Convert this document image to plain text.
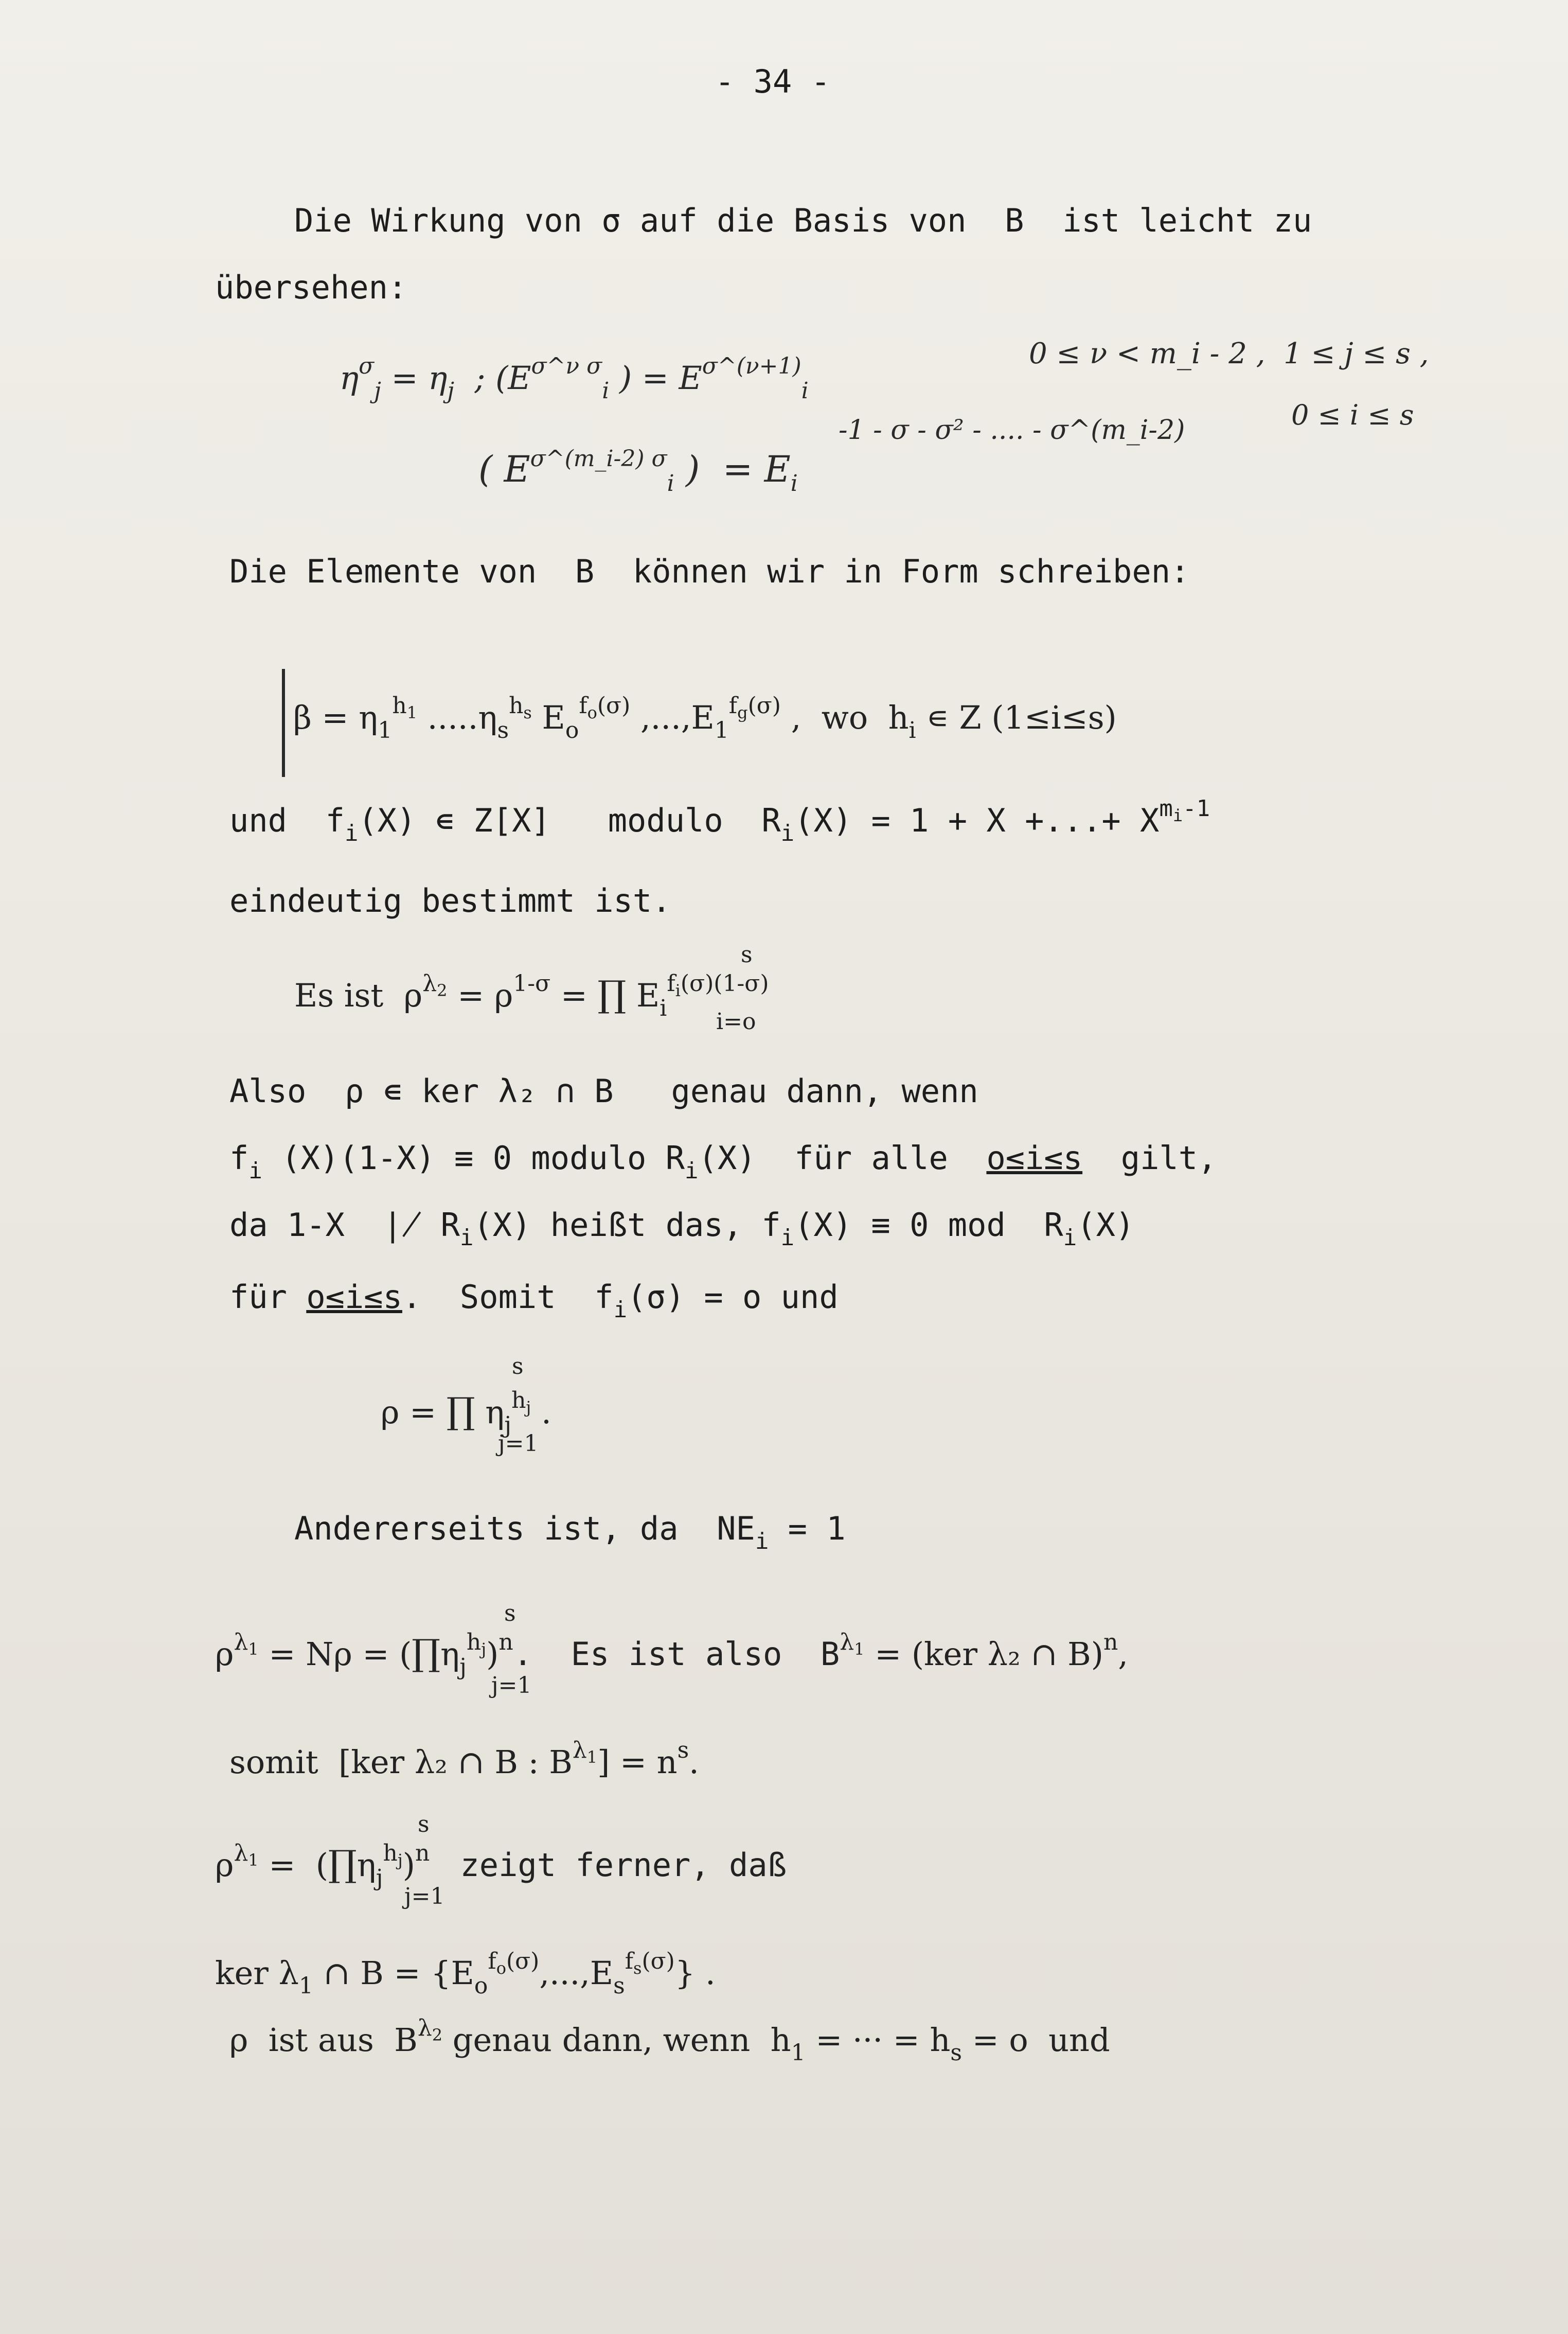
- 34 -
Die Wirkung von σ auf die Basis von  B  ist leicht zu
übersehen:
$\eta^\sigma_j = \eta_j$ ; ($E^{\sigma\^{}\nu \sigma}_i$ ) = $E^{\sigma\^{}(\nu+1)}_i$
0 ≤ ν < m_i - 2 ,  1 ≤ j ≤ s ,
0 ≤ i ≤ s
( $E^{\sigma\^{}(m\_i-2) \sigma}_i$ )  = $E_i$
-1 - σ - σ² - .... - σ^(m_i-2)
Die Elemente von  B  können wir in Form schreiben:
$\beta = \eta_1^{h_1}$ $.....\eta_s^{h_s}$ $E_o^{f_o(\sigma)}$ $,...,E_1^{f_g(\sigma)}$ ,  wo $h_i$ ∊ Z (1≤i≤s)
und  $f_i(X)$ ∊ Z[X]   modulo  $R_i(X) = 1 + X$ +...+ $X^{m_i-1}$
eindeutig bestimmt ist.
Es ist  $\rho^{\lambda_2} = \rho^{1-\sigma}$ = ∏ $E_i^{f_i(\sigma)(1-\sigma)}$
s
i=o
Also  ρ ∊ ker λ₂ ∩ B   genau dann, wenn
$f_i$ (X)(1-X) ≡ 0 modulo $R_i(X)$  für alle  o≤i≤s  gilt,
da 1-X  ∤ $R_i(X)$ heißt das, $f_i(X) \equiv 0$ mod  $R_i(X)$
für o≤i≤s.  Somit  $f_i(\sigma) = o$ und
ρ = ∏ $\eta_j^{h_j}$ .
s
j=1
Andererseits ist, da  $NE_i = 1$
$\rho^{\lambda_1} = N\rho$ = $(\prod\eta_j^{h_j})^n$.  Es ist also  $B^{\lambda_1} = (ker$ λ₂ ∩ B)$^n$,
s
j=1
somit  [ker λ₂ ∩ B : $B^{\lambda_1}] = n^s$.
$\rho^{\lambda_1}$ =  $(\prod\eta_j^{h_j})^n$ zeigt ferner, daß
s
j=1
ker $\lambda_1$ ∩ $B = \{E_o^{f_o(\sigma)},...,E_s^{f_s(\sigma)}\}$ .
ρ  ist aus  $B^{\lambda_2}$ genau dann, wenn  $h_1$ = ··· = $h_s = o$  und
